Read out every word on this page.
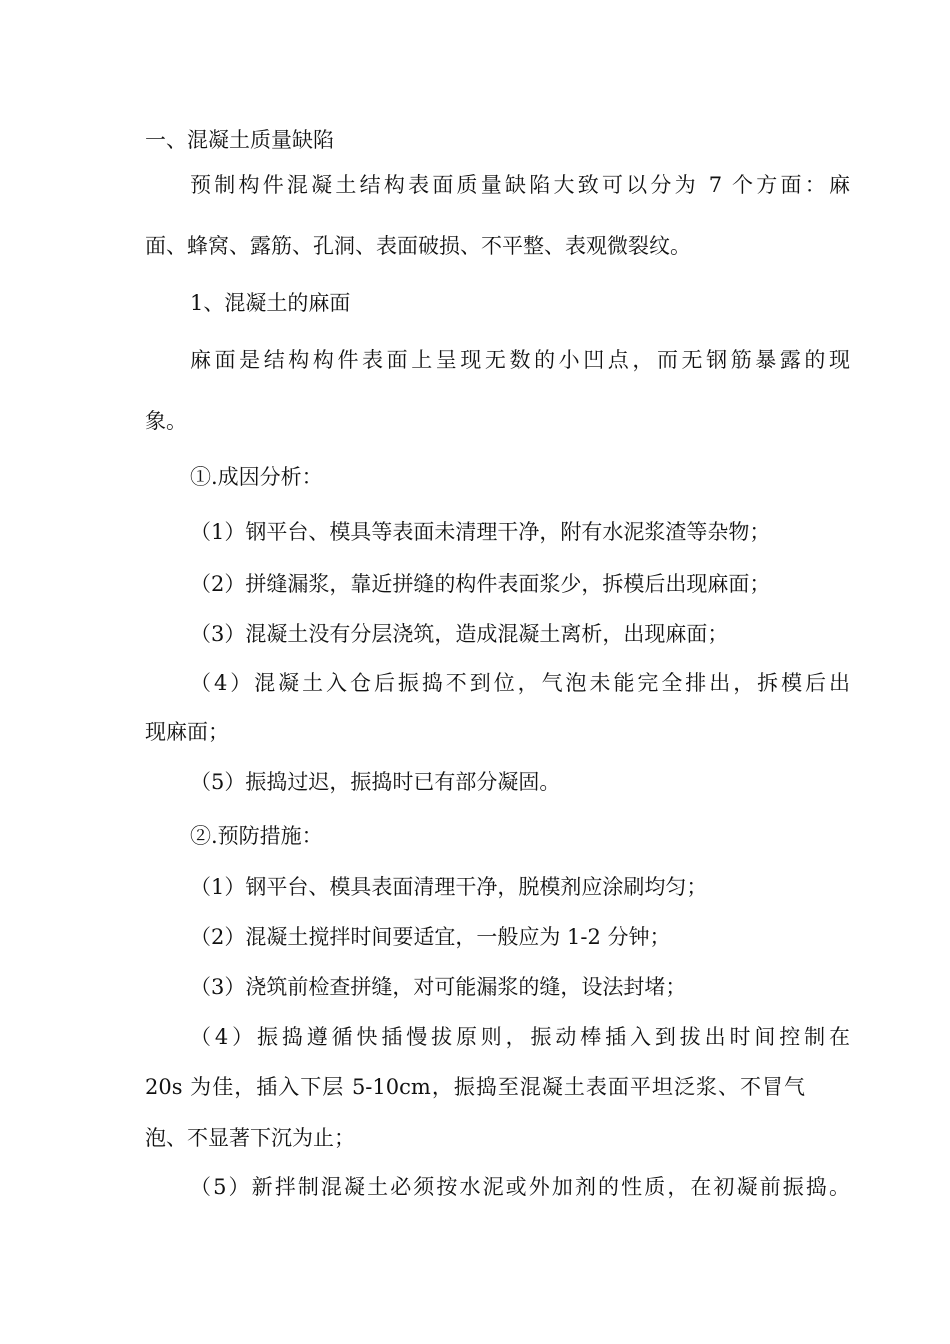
一、混凝土质量缺陷
预制构件混凝土结构表面质量缺陷大致可以分为 7 个方面：麻
面、蜂窝、露筋、孔洞、表面破损、不平整、表观微裂纹。
1、混凝土的麻面
麻面是结构构件表面上呈现无数的小凹点，而无钢筋暴露的现
象。
①.成因分析：
（1）钢平台、模具等表面未清理干净，附有水泥浆渣等杂物；
（2）拼缝漏浆，靠近拼缝的构件表面浆少，拆模后出现麻面；
（3）混凝土没有分层浇筑，造成混凝土离析，出现麻面；
（4）混凝土入仓后振捣不到位，气泡未能完全排出，拆模后出
现麻面；
（5）振捣过迟，振捣时已有部分凝固。
②.预防措施：
（1）钢平台、模具表面清理干净，脱模剂应涂刷均匀；
（2）混凝土搅拌时间要适宜，一般应为 1-2 分钟；
（3）浇筑前检查拼缝，对可能漏浆的缝，设法封堵；
（4）振捣遵循快插慢拔原则，振动棒插入到拔出时间控制在
20s 为佳，插入下层 5-10cm，振捣至混凝土表面平坦泛浆、不冒气
泡、不显著下沉为止；
（5）新拌制混凝土必须按水泥或外加剂的性质，在初凝前振捣。
